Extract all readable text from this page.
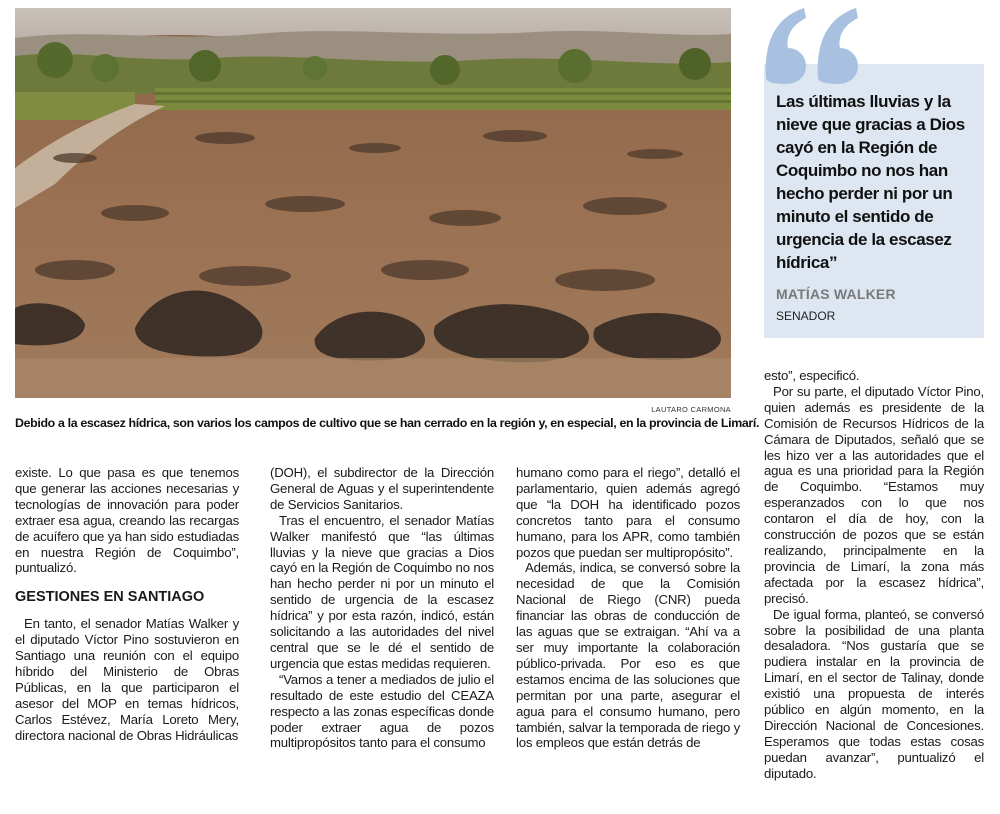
LAUTARO CARMONA
Debido a la escasez hídrica, son varios los campos de cultivo que se han cerrado en la región y, en especial, en la provincia de Limarí.
Las últimas lluvias y la nieve que gracias a Dios cayó en la Región de Coquimbo no nos han hecho perder ni por un minuto el sentido de urgencia de la escasez hídrica”
MATÍAS WALKER
SENADOR

existe. Lo que pasa es que tenemos que generar las acciones necesarias y tecnologías de innovación para poder extraer esa agua, creando las recargas de acuífero que ya han sido estudiadas en nuestra Región de Coquimbo”, puntualizó.

GESTIONES EN SANTIAGO

En tanto, el senador Matías Walker y el diputado Víctor Pino sostuvieron en Santiago una reunión con el equipo híbrido del Ministerio de Obras Públicas, en la que participaron el asesor del MOP en temas hídricos, Carlos Estévez, María Loreto Mery, directora nacional de Obras Hidráulicas

(DOH), el subdirector de la Dirección General de Aguas y el superintendente de Servicios Sanitarios.

Tras el encuentro, el senador Matías Walker manifestó que “las últimas lluvias y la nieve que gracias a Dios cayó en la Región de Coquimbo no nos han hecho perder ni por un minuto el sentido de urgencia de la escasez hídrica” y por esta razón, indicó, están solicitando a las autoridades del nivel central que se le dé el sentido de urgencia que estas medidas requieren.

“Vamos a tener a mediados de julio el resultado de este estudio del CEAZA respecto a las zonas específicas donde poder extraer agua de pozos multipropósitos tanto para el consumo

humano como para el riego”, detalló el parlamentario, quien además agregó que “la DOH ha identificado pozos concretos tanto para el consumo humano, para los APR, como también pozos que puedan ser multipropósito”.

Además, indica, se conversó sobre la necesidad de que la Comisión Nacional de Riego (CNR) pueda financiar las obras de conducción de las aguas que se extraigan. “Ahí va a ser muy importante la colaboración público-privada. Por eso es que estamos encima de las soluciones que permitan por una parte, asegurar el agua para el consumo humano, pero también, salvar la temporada de riego y los empleos que están detrás de

esto”, especificó.

Por su parte, el diputado Víctor Pino, quien además es presidente de la Comisión de Recursos Hídricos de la Cámara de Diputados, señaló que se les hizo ver a las autoridades que el agua es una prioridad para la Región de Coquimbo. “Estamos muy esperanzados con lo que nos contaron el día de hoy, con la construcción de pozos que se están realizando, principalmente en la provincia de Limarí, la zona más afectada por la escasez hídrica”, precisó.

De igual forma, planteó, se conversó sobre la posibilidad de una planta desaladora. “Nos gustaría que se pudiera instalar en la provincia de Limarí, en el sector de Talinay, donde existió una propuesta de interés público en algún momento, en la Dirección Nacional de Concesiones. Esperamos que todas estas cosas puedan avanzar”, puntualizó el diputado.
